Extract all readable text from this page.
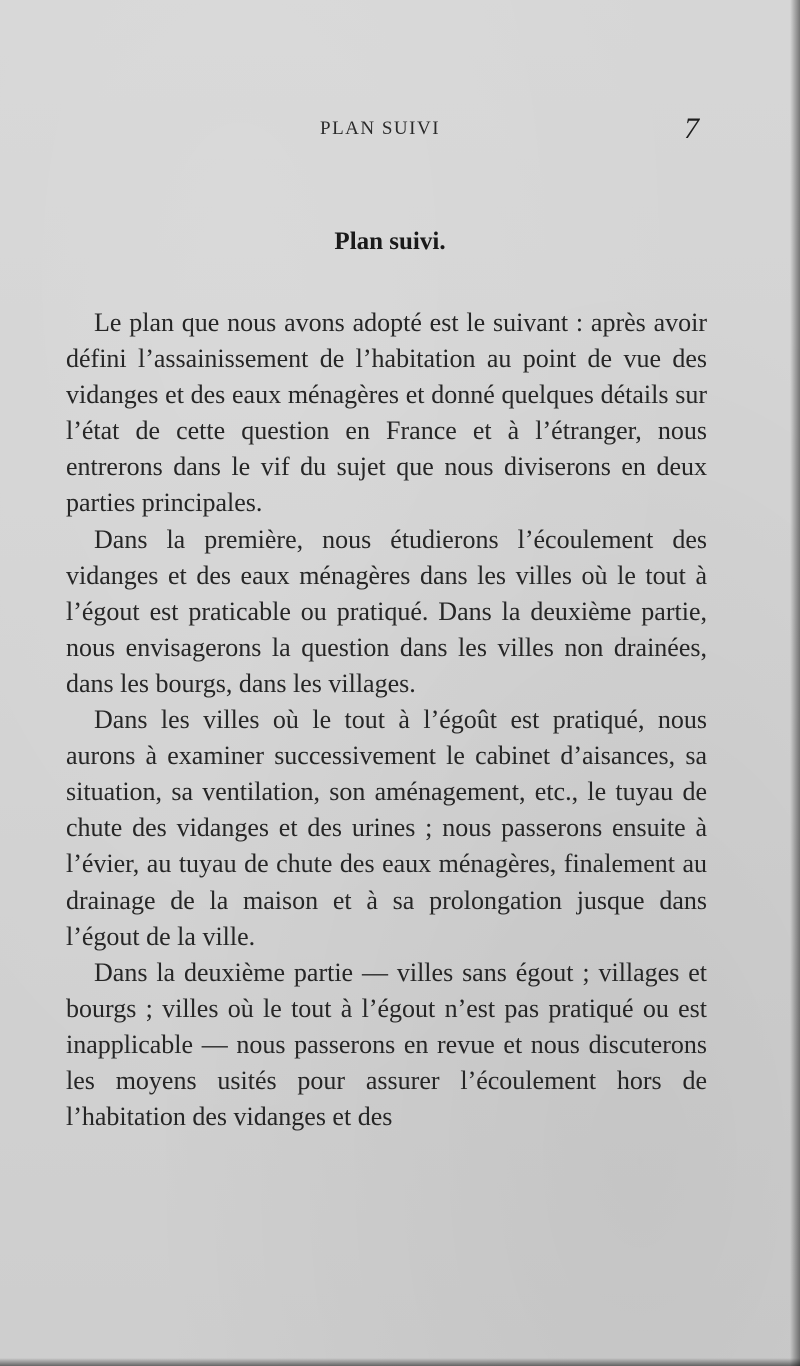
PLAN SUIVI	7
Plan suivi.

Le plan que nous avons adopté est le suivant : après avoir défini l’assainissement de l’habitation au point de vue des vidanges et des eaux ménagères et donné quelques détails sur l’état de cette question en France et à l’étranger, nous entrerons dans le vif du sujet que nous diviserons en deux parties principales.

Dans la première, nous étudierons l’écoulement des vidanges et des eaux ménagères dans les villes où le tout à l’égout est praticable ou pratiqué. Dans la deuxième partie, nous envisagerons la question dans les villes non drainées, dans les bourgs, dans les villages.

Dans les villes où le tout à l’égoût est pratiqué, nous aurons à examiner successivement le cabinet d’aisances, sa situation, sa ventilation, son aménagement, etc., le tuyau de chute des vidanges et des urines ; nous passerons ensuite à l’évier, au tuyau de chute des eaux ménagères, finalement au drainage de la maison et à sa prolongation jusque dans l’égout de la ville.

Dans la deuxième partie — villes sans égout ; villages et bourgs ; villes où le tout à l’égout n’est pas pratiqué ou est inapplicable — nous passerons en revue et nous discuterons les moyens usités pour assurer l’écoulement hors de l’habitation des vidanges et des
